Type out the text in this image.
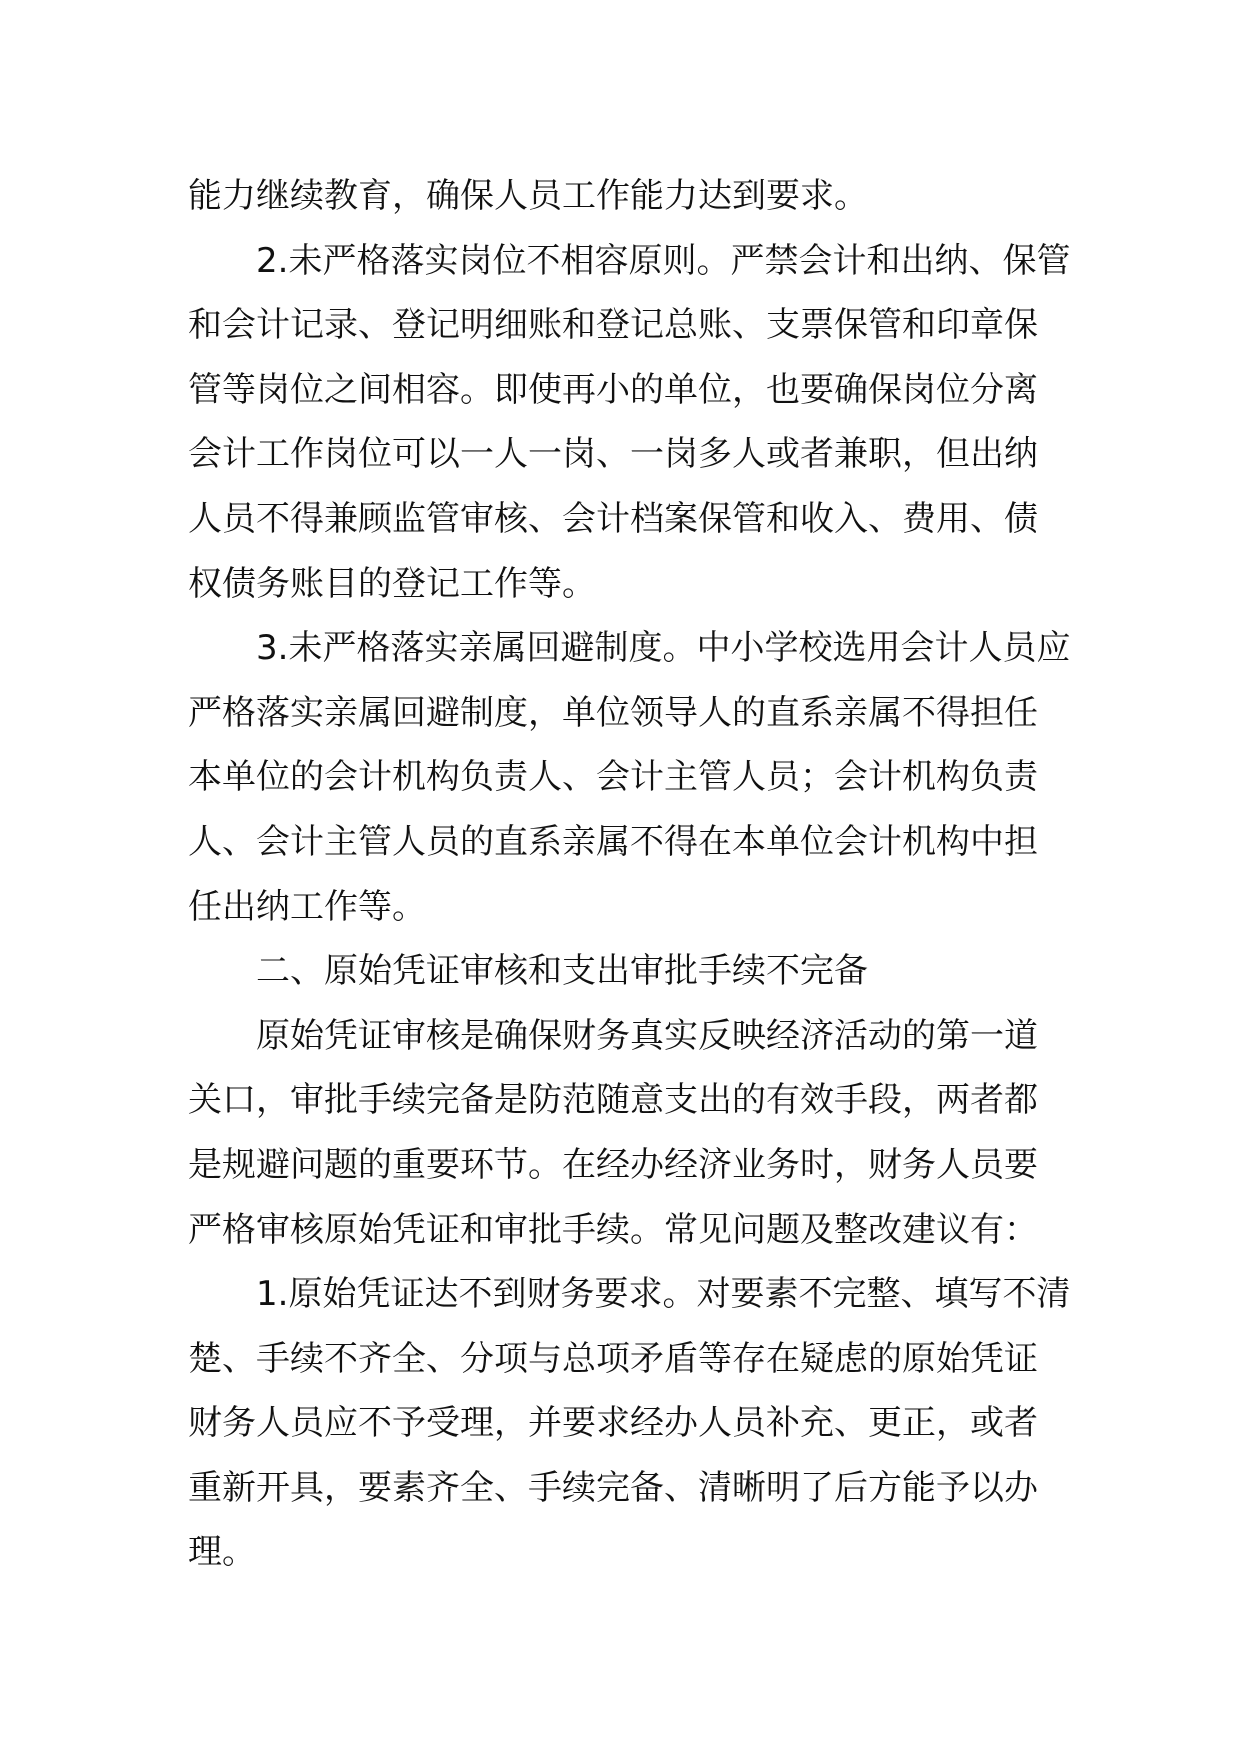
能力继续教育，确保人员工作能力达到要求。
2.未严格落实岗位不相容原则。严禁会计和出纳、保管
和会计记录、登记明细账和登记总账、支票保管和印章保
管等岗位之间相容。即使再小的单位，也要确保岗位分离
会计工作岗位可以一人一岗、一岗多人或者兼职，但出纳
人员不得兼顾监管审核、会计档案保管和收入、费用、债
权债务账目的登记工作等。
3.未严格落实亲属回避制度。中小学校选用会计人员应
严格落实亲属回避制度，单位领导人的直系亲属不得担任
本单位的会计机构负责人、会计主管人员；会计机构负责
人、会计主管人员的直系亲属不得在本单位会计机构中担
任出纳工作等。
二、原始凭证审核和支出审批手续不完备
原始凭证审核是确保财务真实反映经济活动的第一道
关口，审批手续完备是防范随意支出的有效手段，两者都
是规避问题的重要环节。在经办经济业务时，财务人员要
严格审核原始凭证和审批手续。常见问题及整改建议有：
1.原始凭证达不到财务要求。对要素不完整、填写不清
楚、手续不齐全、分项与总项矛盾等存在疑虑的原始凭证
财务人员应不予受理，并要求经办人员补充、更正，或者
重新开具，要素齐全、手续完备、清晰明了后方能予以办
理。
